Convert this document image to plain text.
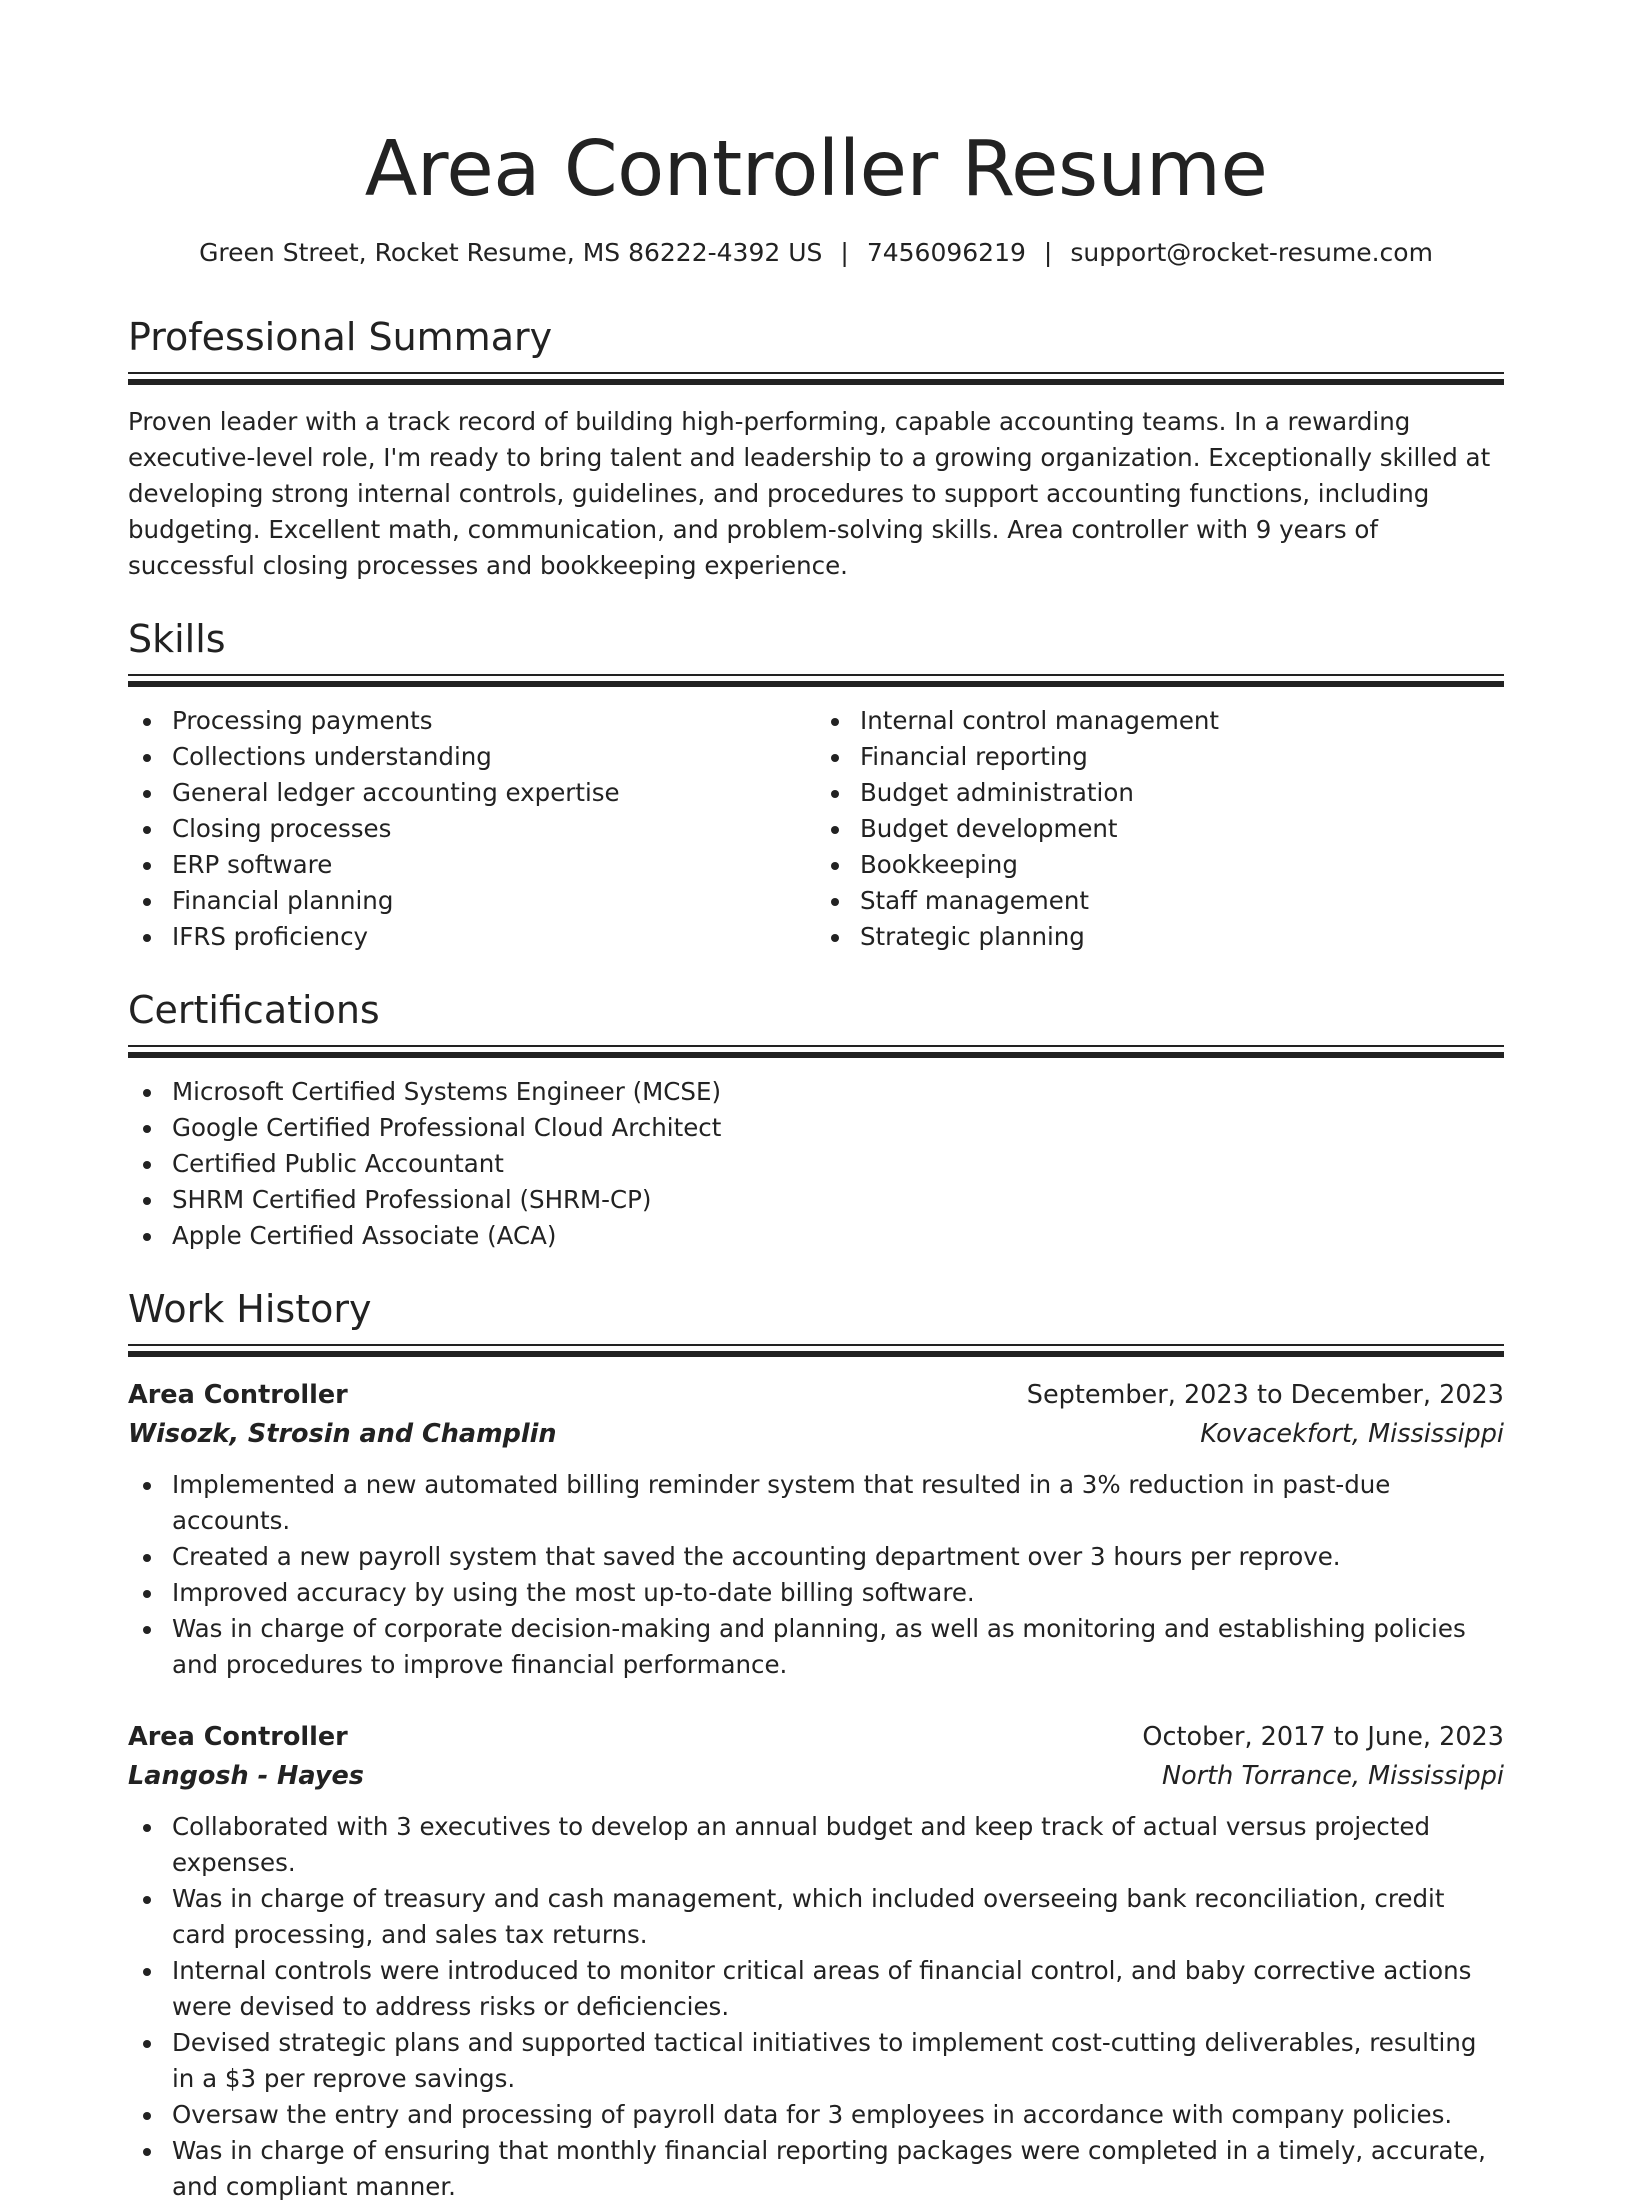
Area Controller Resume
Green Street, Rocket Resume, MS 86222-4392 US | 7456096219 | support@rocket-resume.com
Professional Summary

Proven leader with a track record of building high-performing, capable accounting teams. In a rewarding executive-level role, I'm ready to bring talent and leadership to a growing organization. Exceptionally skilled at developing strong internal controls, guidelines, and procedures to support accounting functions, including budgeting. Excellent math, communication, and problem-solving skills. Area controller with 9 years of successful closing processes and bookkeeping experience.

Skills
Processing payments
Collections understanding
General ledger accounting expertise
Closing processes
ERP software
Financial planning
IFRS proficiency
Internal control management
Financial reporting
Budget administration
Budget development
Bookkeeping
Staff management
Strategic planning
Certifications
Microsoft Certified Systems Engineer (MCSE)
Google Certified Professional Cloud Architect
Certified Public Accountant
SHRM Certified Professional (SHRM-CP)
Apple Certified Associate (ACA)
Work History
Area Controller	September, 2023 to December, 2023
Wisozk, Strosin and Champlin	Kovacekfort, Mississippi
Implemented a new automated billing reminder system that resulted in a 3% reduction in past-due accounts.
Created a new payroll system that saved the accounting department over 3 hours per reprove.
Improved accuracy by using the most up-to-date billing software.
Was in charge of corporate decision-making and planning, as well as monitoring and establishing policies and procedures to improve financial performance.
Area Controller	October, 2017 to June, 2023
Langosh - Hayes	North Torrance, Mississippi
Collaborated with 3 executives to develop an annual budget and keep track of actual versus projected expenses.
Was in charge of treasury and cash management, which included overseeing bank reconciliation, credit card processing, and sales tax returns.
Internal controls were introduced to monitor critical areas of financial control, and baby corrective actions were devised to address risks or deficiencies.
Devised strategic plans and supported tactical initiatives to implement cost-cutting deliverables, resulting in a $3 per reprove savings.
Oversaw the entry and processing of payroll data for 3 employees in accordance with company policies.
Was in charge of ensuring that monthly financial reporting packages were completed in a timely, accurate, and compliant manner.
